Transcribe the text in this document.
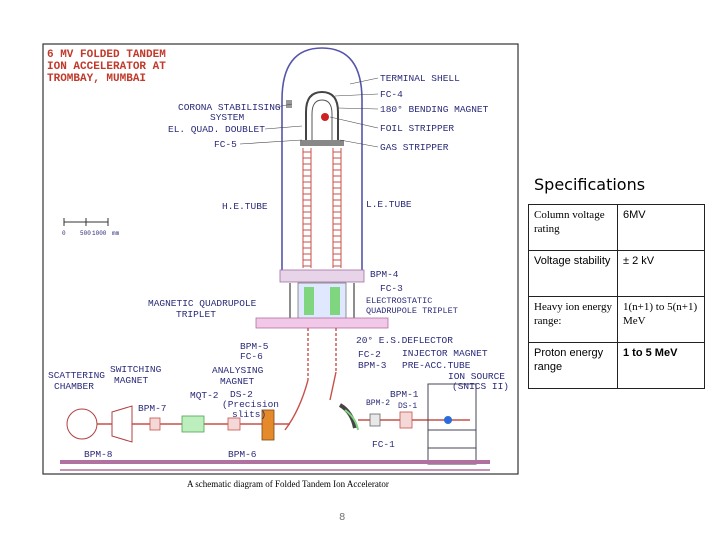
6 MV FOLDED TANDEM
ION ACCELERATOR AT
TROMBAY, MUMBAI
0 500 1000 mm
TERMINAL SHELL
FC-4
180° BENDING MAGNET
FOIL STRIPPER
GAS STRIPPER
CORONA STABILISING
SYSTEM
EL. QUAD. DOUBLET
FC-5
H.E.TUBE	L.E.TUBE
BPM-4
FC-3
ELECTROSTATIC
QUADRUPOLE TRIPLET
MAGNETIC QUADRUPOLE
TRIPLET
BPM-5
FC-6
20° E.S.DEFLECTOR
FC-2
BPM-3
INJECTOR MAGNET
PRE-ACC.TUBE
ION SOURCE
(SNICS II)
SCATTERING
CHAMBER
SWITCHING
MAGNET
ANALYSING
MAGNET
BPM-7
MQT-2 DS-2
(Precision
slits)
BPM-1
DS-1
BPM-2
FC-1
BPM-8	BPM-6
A schematic diagram of Folded Tandem Ion Accelerator
8
Specifications
Column voltage rating	6MV
Voltage stability	± 2 kV
Heavy ion energy range:	1(n+1) to 5(n+1) MeV
Proton energy range	1 to 5 MeV
